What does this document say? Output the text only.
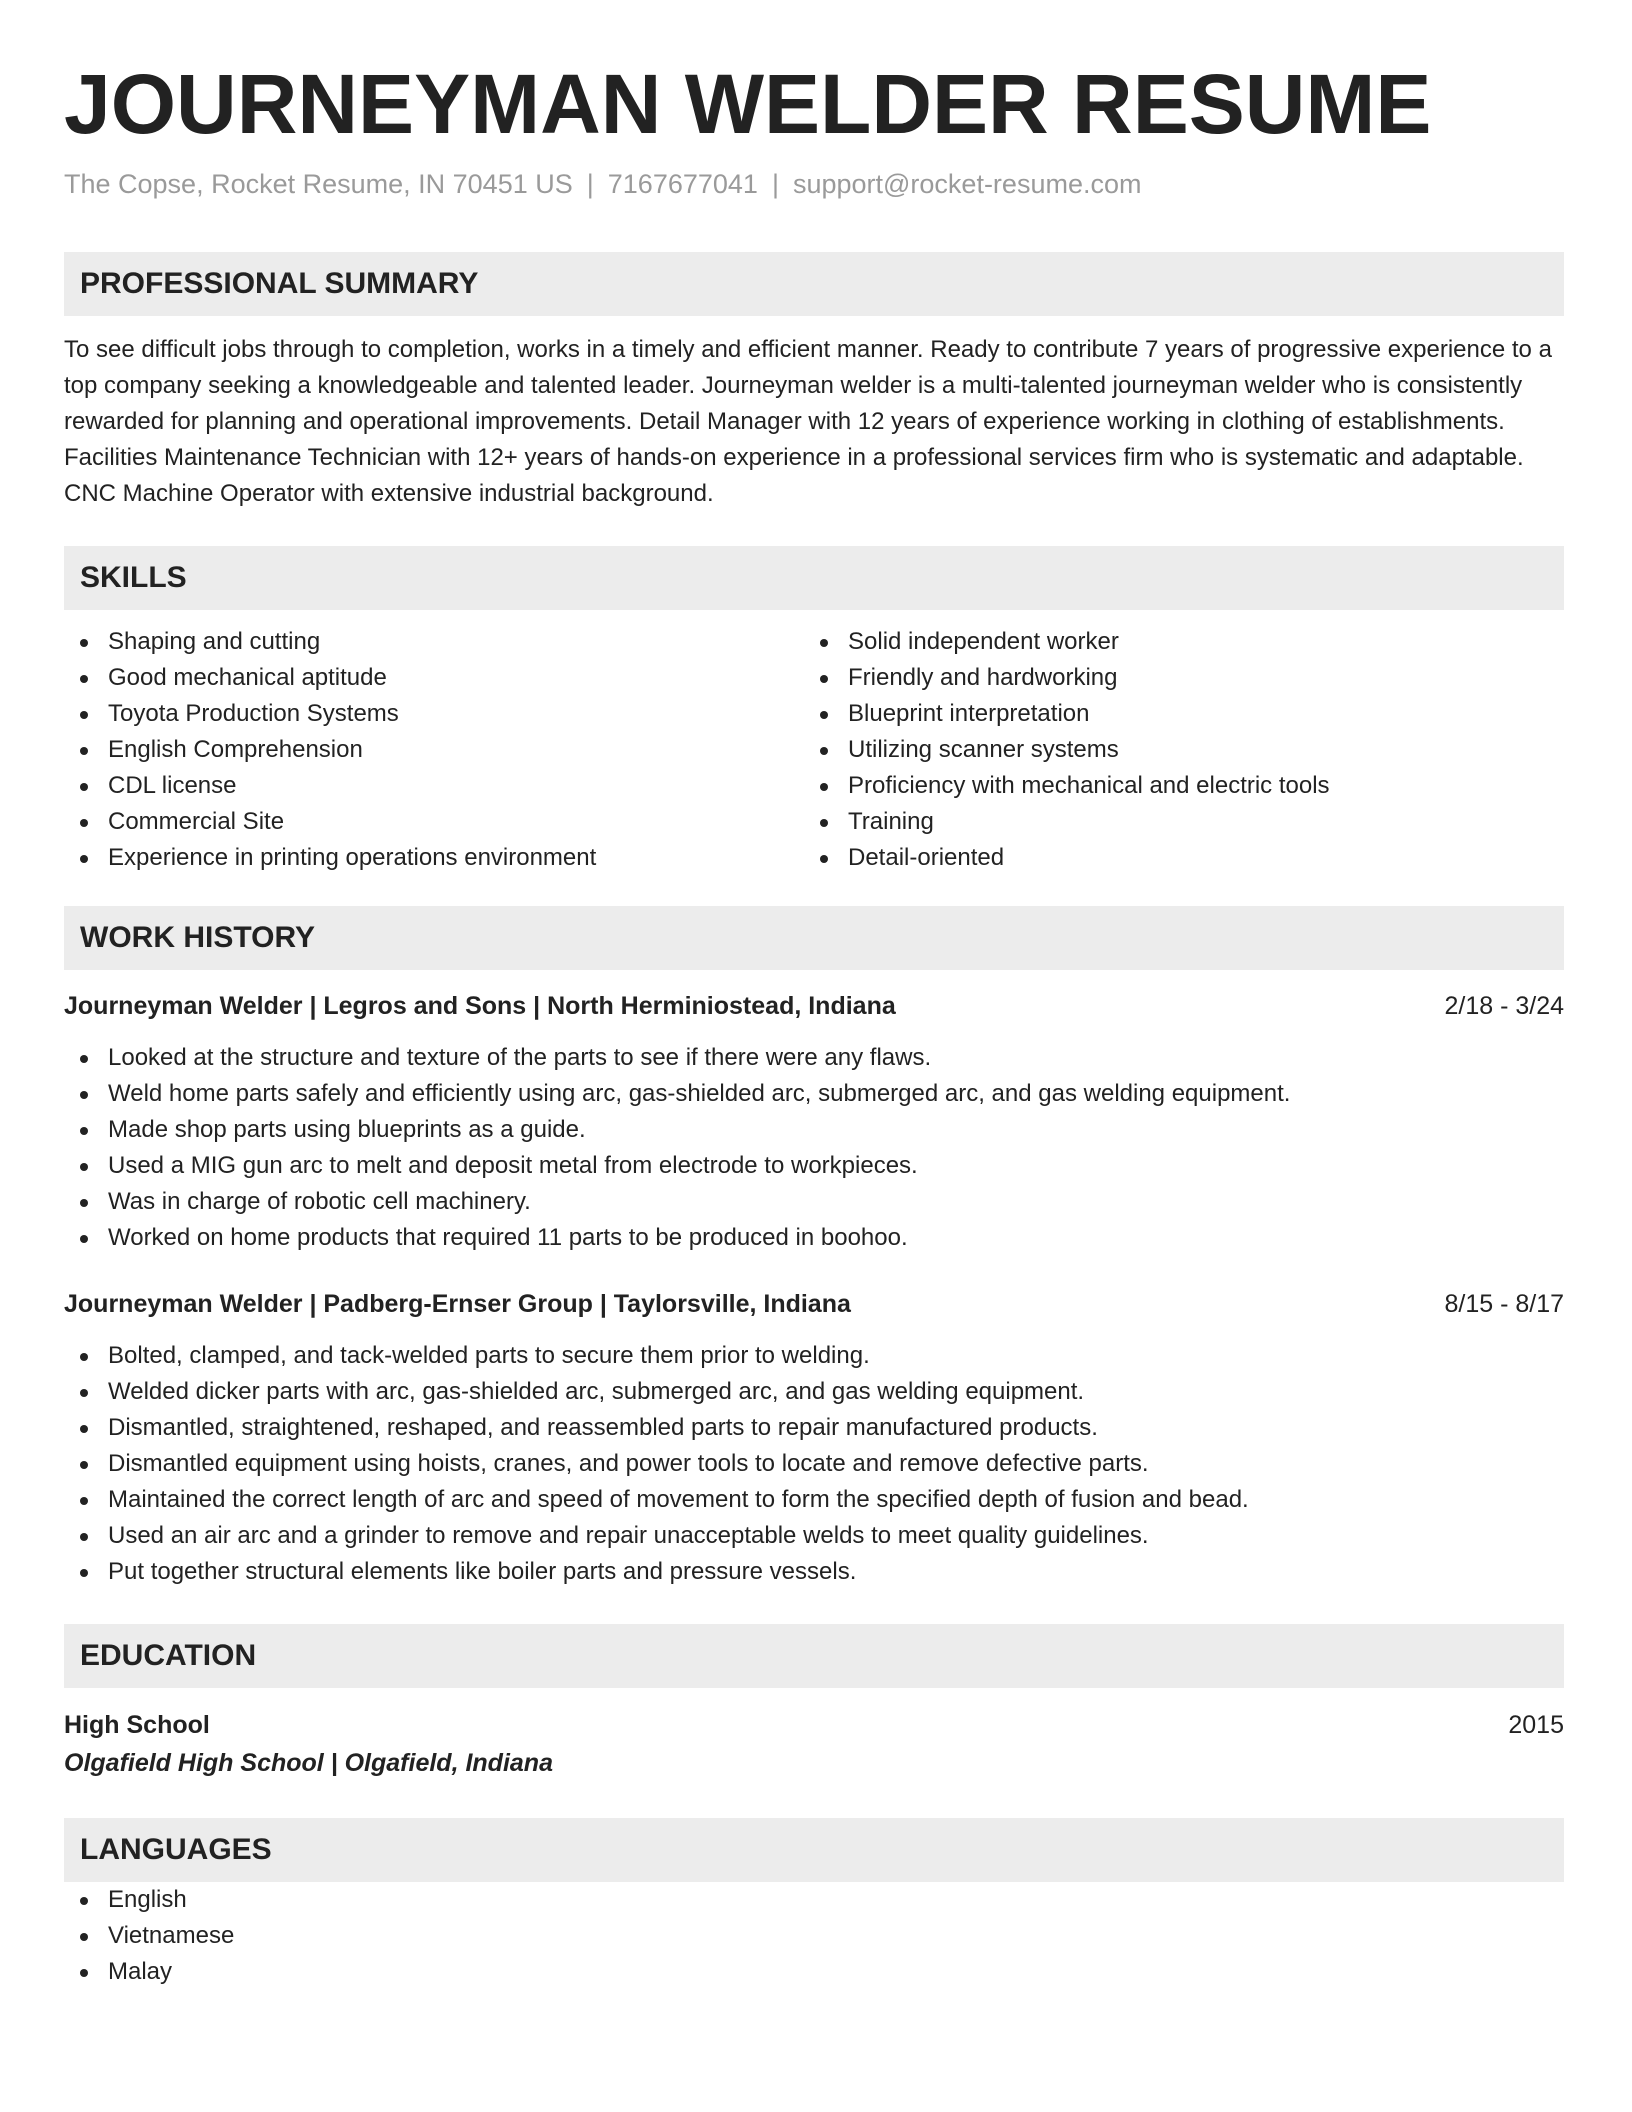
JOURNEYMAN WELDER RESUME
The Copse, Rocket Resume, IN 70451 US | 7167677041 | support@rocket-resume.com
PROFESSIONAL SUMMARY
To see difficult jobs through to completion, works in a timely and efficient manner. Ready to contribute 7 years of progressive experience to a top company seeking a knowledgeable and talented leader. Journeyman welder is a multi-talented journeyman welder who is consistently rewarded for planning and operational improvements. Detail Manager with 12 years of experience working in clothing of establishments. Facilities Maintenance Technician with 12+ years of hands-on experience in a professional services firm who is systematic and adaptable. CNC Machine Operator with extensive industrial background.
SKILLS
Shaping and cutting
Good mechanical aptitude
Toyota Production Systems
English Comprehension
CDL license
Commercial Site
Experience in printing operations environment
Solid independent worker
Friendly and hardworking
Blueprint interpretation
Utilizing scanner systems
Proficiency with mechanical and electric tools
Training
Detail-oriented
WORK HISTORY
Journeyman Welder | Legros and Sons | North Herminiostead, Indiana	2/18 - 3/24
Looked at the structure and texture of the parts to see if there were any flaws.
Weld home parts safely and efficiently using arc, gas-shielded arc, submerged arc, and gas welding equipment.
Made shop parts using blueprints as a guide.
Used a MIG gun arc to melt and deposit metal from electrode to workpieces.
Was in charge of robotic cell machinery.
Worked on home products that required 11 parts to be produced in boohoo.
Journeyman Welder | Padberg-Ernser Group | Taylorsville, Indiana	8/15 - 8/17
Bolted, clamped, and tack-welded parts to secure them prior to welding.
Welded dicker parts with arc, gas-shielded arc, submerged arc, and gas welding equipment.
Dismantled, straightened, reshaped, and reassembled parts to repair manufactured products.
Dismantled equipment using hoists, cranes, and power tools to locate and remove defective parts.
Maintained the correct length of arc and speed of movement to form the specified depth of fusion and bead.
Used an air arc and a grinder to remove and repair unacceptable welds to meet quality guidelines.
Put together structural elements like boiler parts and pressure vessels.
EDUCATION
High School	2015
Olgafield High School | Olgafield, Indiana
LANGUAGES
English
Vietnamese
Malay
